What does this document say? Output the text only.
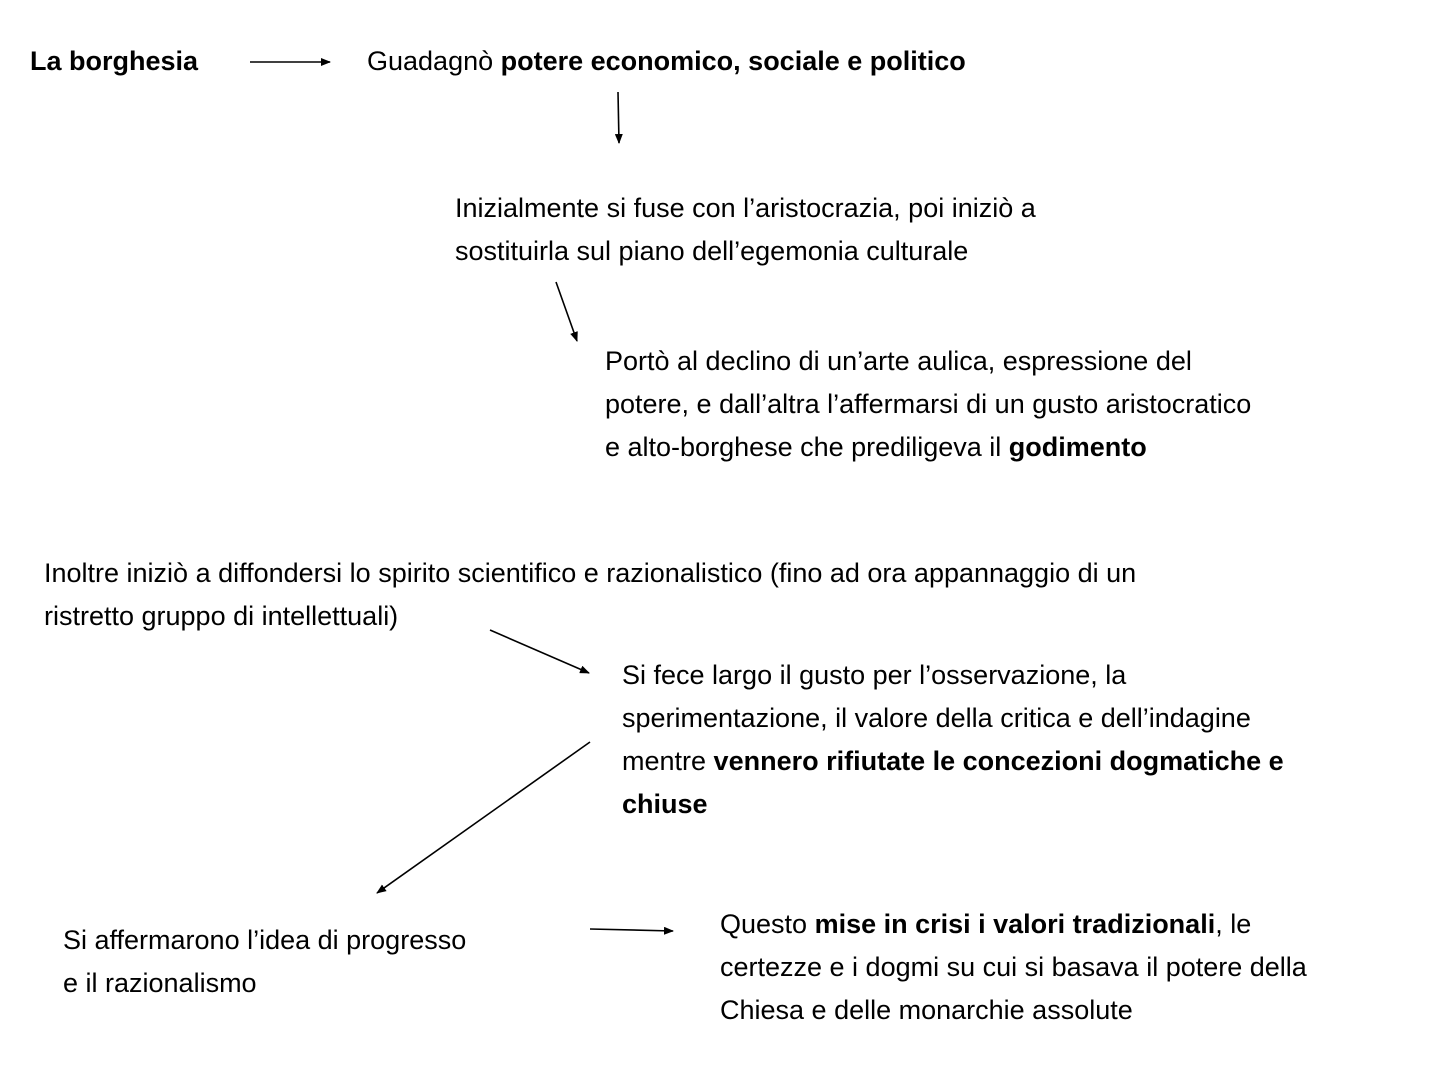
La borghesia	Guadagnò potere economico, sociale e politico
Inizialmente si fuse con l’aristocrazia, poi iniziò a
sostituirla sul piano dell’egemonia culturale
Portò al declino di un’arte aulica, espressione del
potere, e dall’altra l’affermarsi di un gusto aristocratico
e alto-borghese che prediligeva il godimento
Inoltre iniziò a diffondersi lo spirito scientifico e razionalistico (fino ad ora appannaggio di un
ristretto gruppo di intellettuali)
Si fece largo il gusto per l’osservazione, la
sperimentazione, il valore della critica e dell’indagine
mentre vennero rifiutate le concezioni dogmatiche e
chiuse
Si affermarono l’idea di progresso
e il razionalismo
Questo mise in crisi i valori tradizionali, le
certezze e i dogmi su cui si basava il potere della
Chiesa e delle monarchie assolute
